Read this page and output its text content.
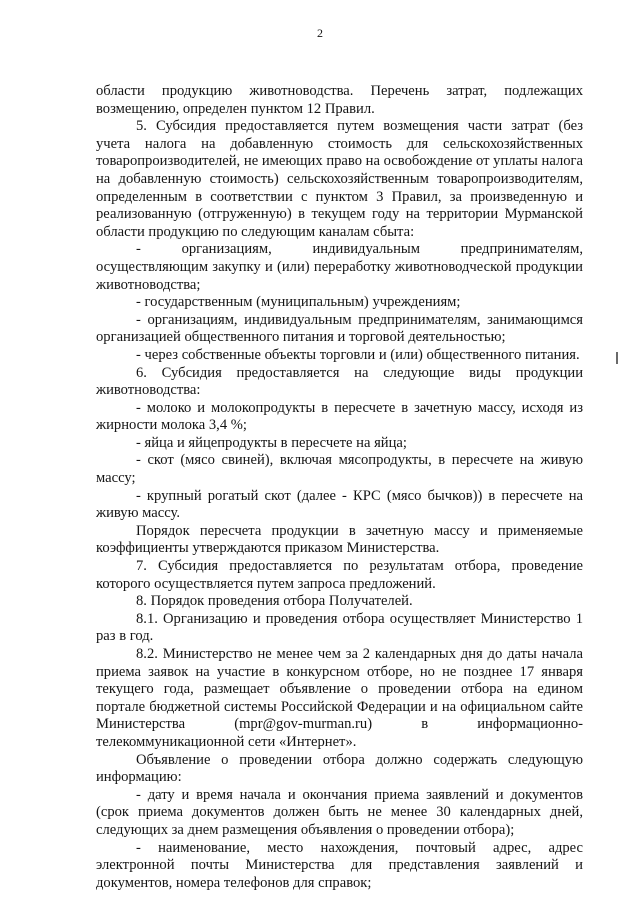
2

области продукцию животноводства. Перечень затрат, подлежащих возмещению, определен пунктом 12 Правил.

5. Субсидия предоставляется путем возмещения части затрат (без учета налога на добавленную стоимость для сельскохозяйственных товаропроизводителей, не имеющих право на освобождение от уплаты налога на добавленную стоимость) сельскохозяйственным товаропроизводителям, определенным в соответствии с пунктом 3 Правил, за произведенную и реализованную (отгруженную) в текущем году на территории Мурманской области продукцию по следующим каналам сбыта:

- организациям, индивидуальным предпринимателям, осуществляющим закупку и (или) переработку животноводческой продукции животноводства;

- государственным (муниципальным) учреждениям;

- организациям, индивидуальным предпринимателям, занимающимся организацией общественного питания и торговой деятельностью;

- через собственные объекты торговли и (или) общественного питания.

6. Субсидия предоставляется на следующие виды продукции животноводства:

- молоко и молокопродукты в пересчете в зачетную массу, исходя из жирности молока 3,4 %;

- яйца и яйцепродукты в пересчете на яйца;

- скот (мясо свиней), включая мясопродукты, в пересчете на живую массу;

- крупный рогатый скот (далее - КРС (мясо бычков)) в пересчете на живую массу.

Порядок пересчета продукции в зачетную массу и применяемые коэффициенты утверждаются приказом Министерства.

7. Субсидия предоставляется по результатам отбора, проведение которого осуществляется путем запроса предложений.

8. Порядок проведения отбора Получателей.

8.1. Организацию и проведения отбора осуществляет Министерство 1 раз в год.

8.2. Министерство не менее чем за 2 календарных дня до даты начала приема заявок на участие в конкурсном отборе, но не позднее 17 января текущего года, размещает объявление о проведении отбора на едином портале бюджетной системы Российской Федерации и на официальном сайте Министерства (mpr@gov-murman.ru) в информационно-телекоммуникационной сети «Интернет».

Объявление о проведении отбора должно содержать следующую информацию:

- дату и время начала и окончания приема заявлений и документов (срок приема документов должен быть не менее 30 календарных дней, следующих за днем размещения объявления о проведении отбора);

- наименование, место нахождения, почтовый адрес, адрес электронной почты Министерства для представления заявлений и документов, номера телефонов для справок;
